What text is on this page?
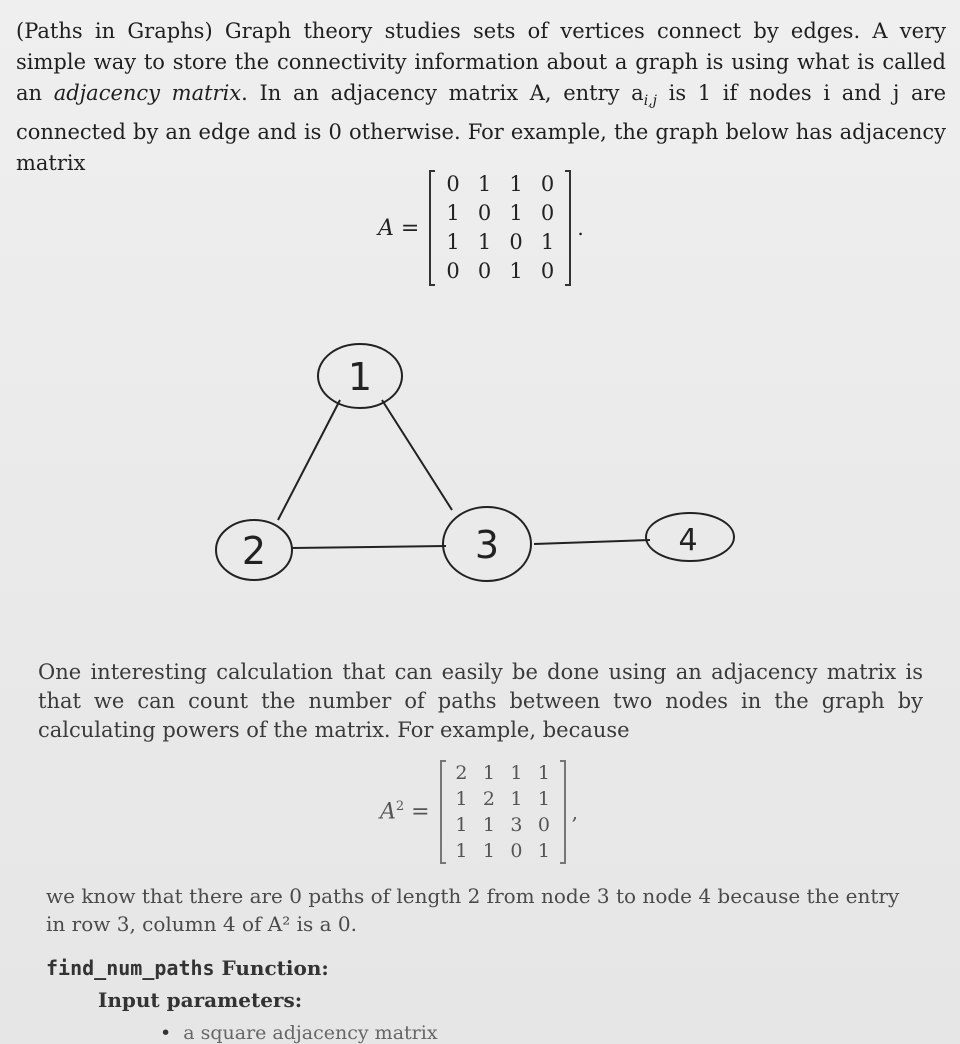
(Paths in Graphs) Graph theory studies sets of vertices connect by edges. A very simple way to store the connectivity information about a graph is using what is called an adjacency matrix. In an adjacency matrix A, entry $a_{i,j}$ is 1 if nodes i and j are connected by an edge and is 0 otherwise. For example, the graph below has adjacency matrix
A =
0 1 1 0
1 0 1 0
1 1 0 1
0 0 1 0
.
1
2	3	4
One interesting calculation that can easily be done using an adjacency matrix is that we can count the number of paths between two nodes in the graph by calculating powers of the matrix. For example, because
$A^2$ =
2 1 1 1
1 2 1 1
1 1 3 0
1 1 0 1
,
we know that there are 0 paths of length 2 from node 3 to node 4 because the entry in row 3, column 4 of A² is a 0.
find_num_paths Function:
Input parameters:
• a square adjacency matrix
